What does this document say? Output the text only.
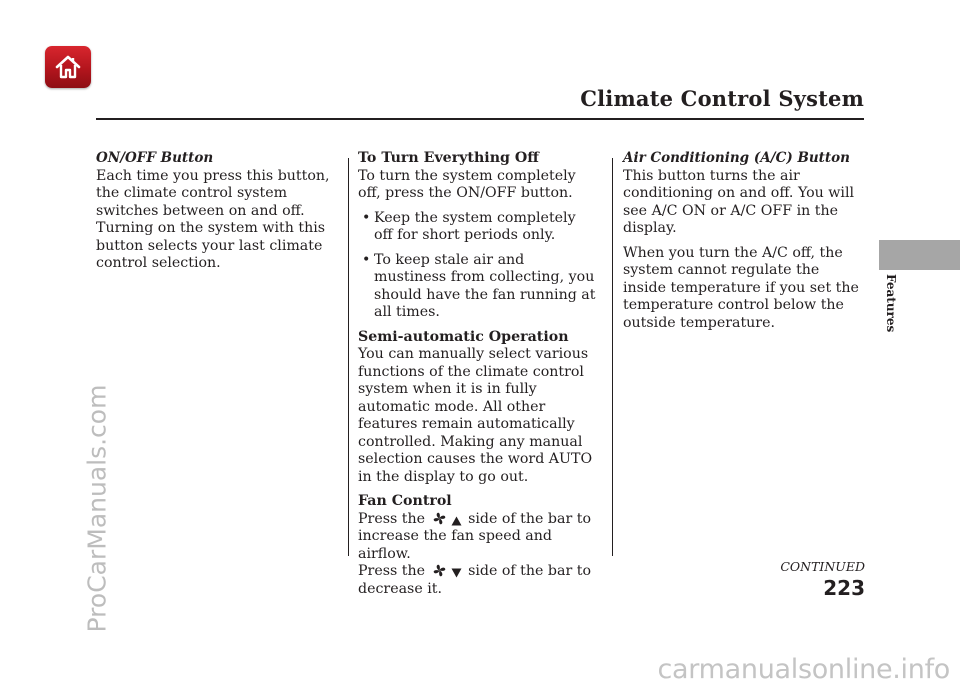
Climate Control System
Features

ON/OFF Button
Each time you press this button, the climate control system switches between on and off. Turning on the system with this button selects your last climate control selection.

To Turn Everything Off
To turn the system completely off, press the ON/OFF button.

• Keep the system completely off for short periods only.
• To keep stale air and mustiness from collecting, you should have the fan running at all times.

Semi-automatic Operation
You can manually select various functions of the climate control system when it is in fully automatic mode. All other features remain automatically controlled. Making any manual selection causes the word AUTO in the display to go out.

Fan Control
Press the	side of the bar to increase the fan speed and airflow.
Press the	side of the bar to decrease it.

Air Conditioning (A/C) Button
This button turns the air conditioning on and off. You will see A/C ON or A/C OFF in the display.

When you turn the A/C off, the system cannot regulate the inside temperature if you set the temperature control below the outside temperature.

CONTINUED
223
ProCarManuals.com
carmanualsonline.info
